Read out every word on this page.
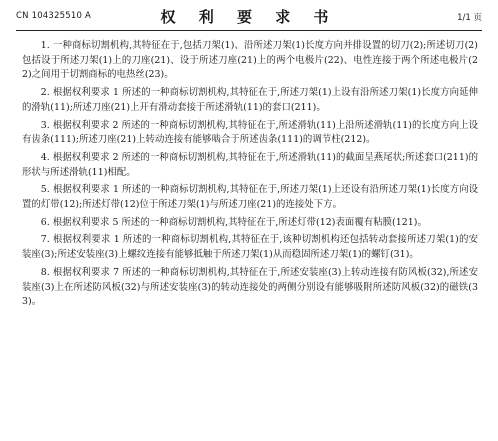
CN 104325510 A	权 利 要 求 书	1/1 页

1. 一种商标切割机构,其特征在于,包括刀架(1)、沿所述刀架(1)长度方向并排设置的切刀(2);所述切刀(2)包括设于所述刀架(1)上的刀座(21)、设于所述刀座(21)上的两个电极片(22)、电性连接于两个所述电极片(22)之间用于切割商标的电热丝(23)。

2. 根据权利要求 1 所述的一种商标切割机构,其特征在于,所述刀架(1)上设有沿所述刀架(1)长度方向延伸的滑轨(11);所述刀座(21)上开有滑动套接于所述滑轨(11)的套口(211)。

3. 根据权利要求 2 所述的一种商标切割机构,其特征在于,所述滑轨(11)上沿所述滑轨(11)的长度方向上设有齿条(111);所述刀座(21)上转动连接有能够啮合于所述齿条(111)的调节柱(212)。

4. 根据权利要求 2 所述的一种商标切割机构,其特征在于,所述滑轨(11)的截面呈燕尾状;所述套口(211)的形状与所述滑轨(11)相配。

5. 根据权利要求 1 所述的一种商标切割机构,其特征在于,所述刀架(1)上还设有沿所述刀架(1)长度方向设置的灯带(12);所述灯带(12)位于所述刀架(1)与所述刀座(21)的连接处下方。

6. 根据权利要求 5 所述的一种商标切割机构,其特征在于,所述灯带(12)表面覆有粘膜(121)。

7. 根据权利要求 1 所述的一种商标切割机构,其特征在于,该种切割机构还包括转动套接所述刀架(1)的安装座(3);所述安装座(3)上螺纹连接有能够抵触于所述刀架(1)从而稳固所述刀架(1)的螺钉(31)。

8. 根据权利要求 7 所述的一种商标切割机构,其特征在于,所述安装座(3)上转动连接有防风板(32),所述安装座(3)上在所述防风板(32)与所述安装座(3)的转动连接处的两侧分别设有能够吸附所述防风板(32)的磁铁(33)。
